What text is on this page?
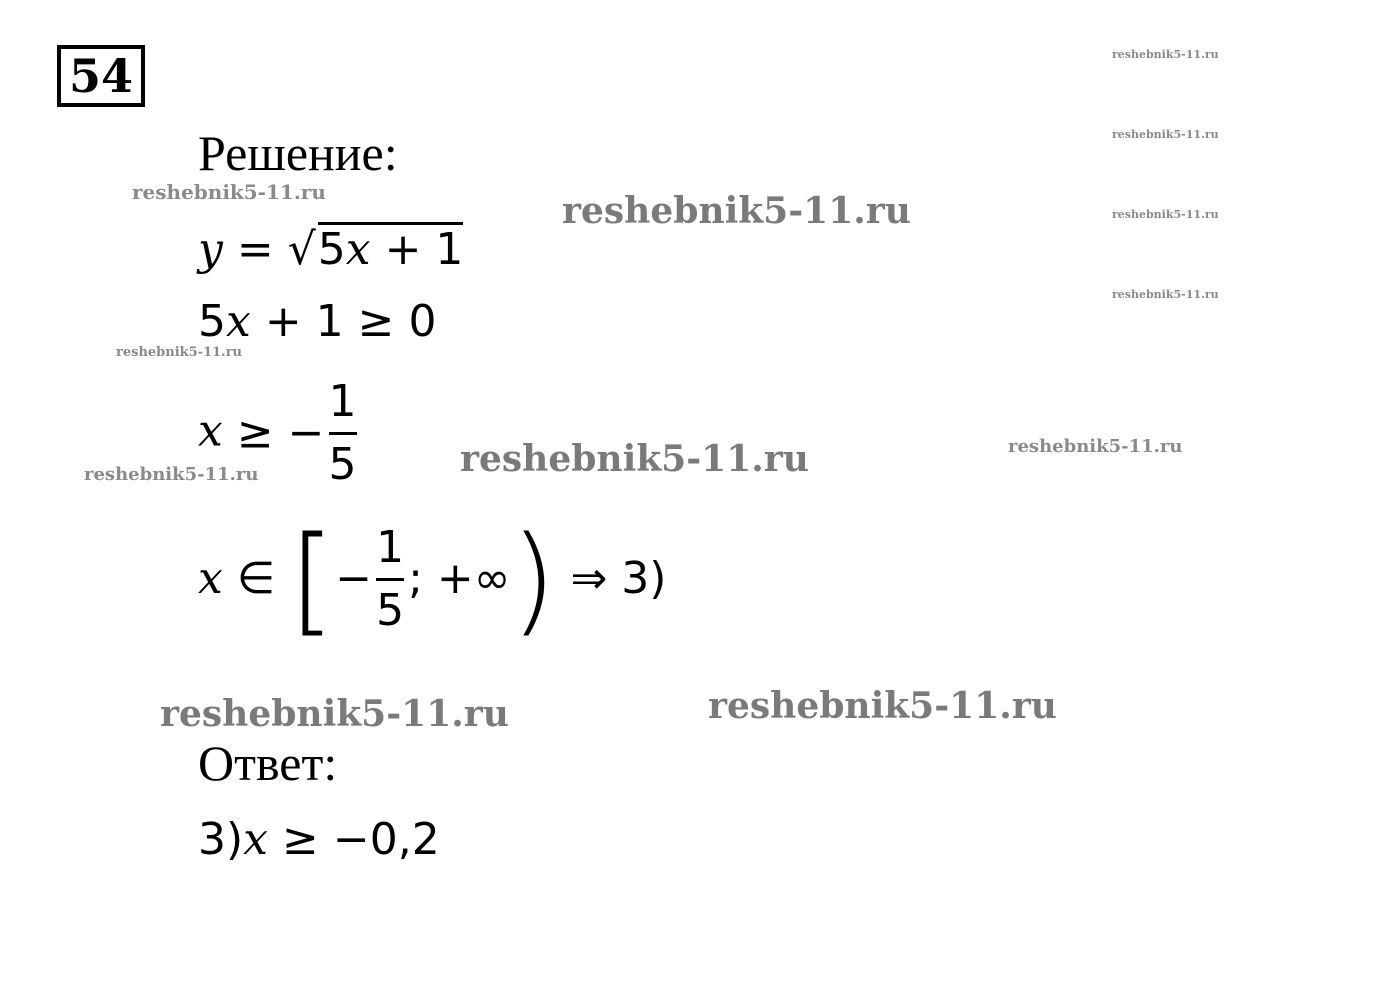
54
Решение:
y = √5x + 1
5x + 1 ≥ 0
x ≥ − $\frac{1}{5}$
x ∈ [− $\frac{1}{5}$ ; +∞) ⇒ 3)
Ответ:
3)x ≥ −0,2
reshebnik5-11.ru
reshebnik5-11.ru
reshebnik5-11.ru
reshebnik5-11.ru
reshebnik5-11.ru	reshebnik5-11.ru
reshebnik5-11.ru
reshebnik5-11.ru	reshebnik5-11.ru
reshebnik5-11.ru
reshebnik5-11.ru	reshebnik5-11.ru
